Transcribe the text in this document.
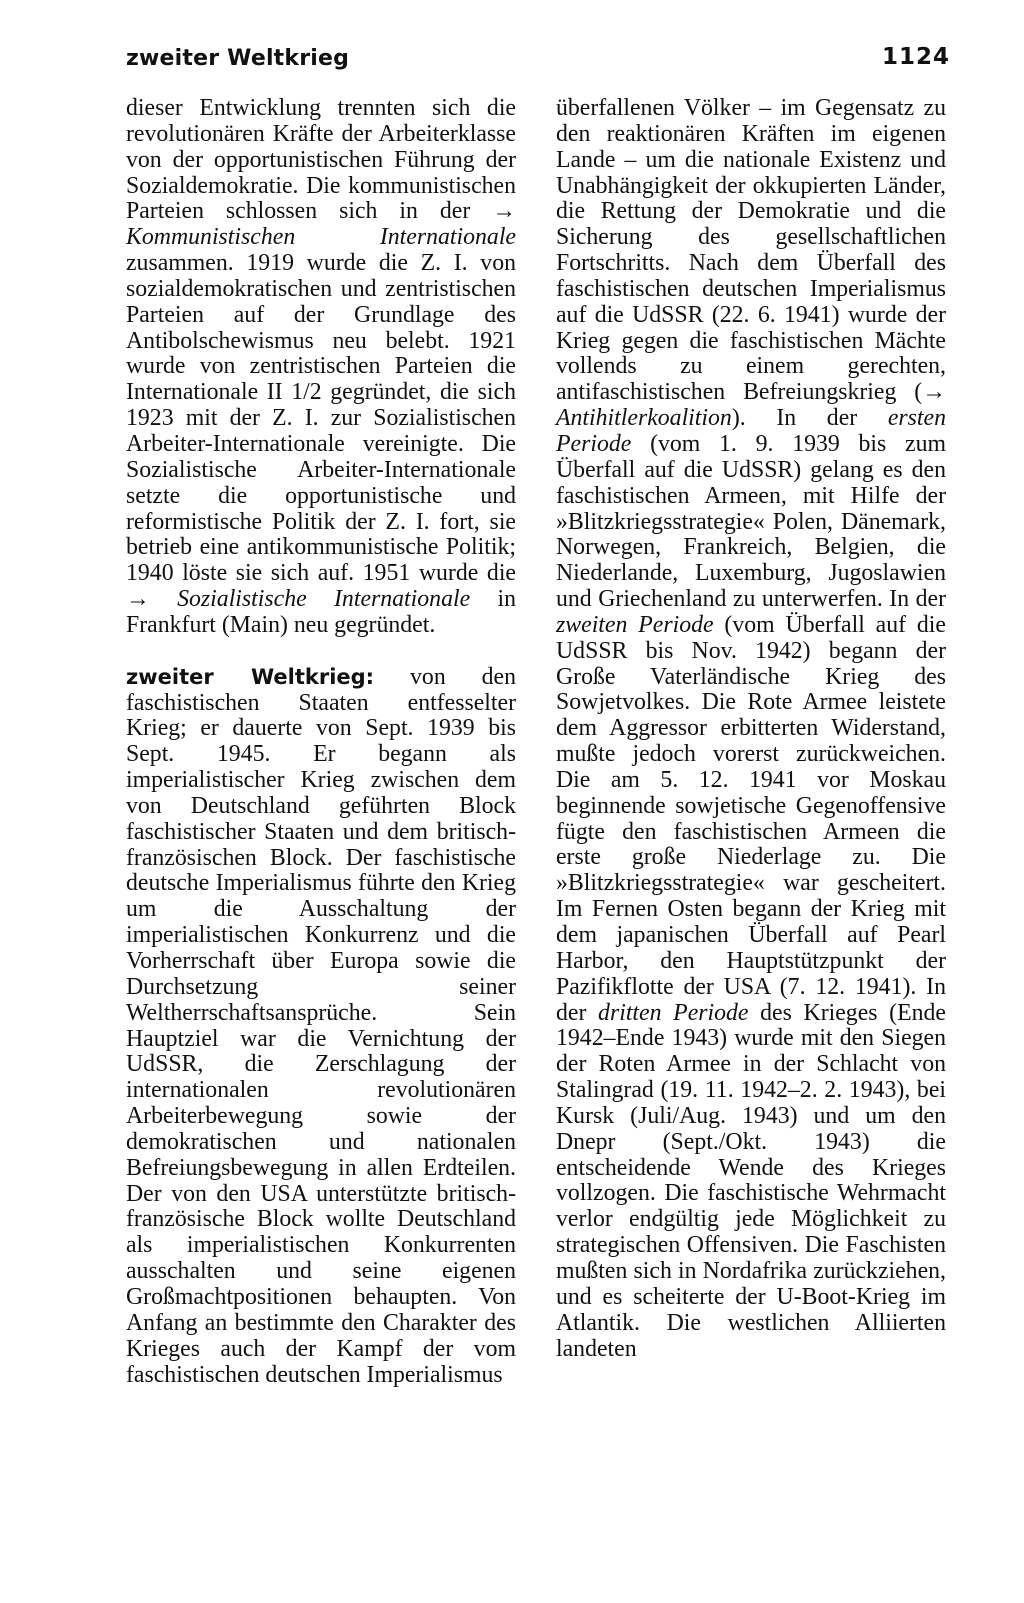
zweiter Weltkrieg	1124

dieser Entwicklung trennten sich die revolutionären Kräfte der Arbeiterklasse von der opportunistischen Führung der Sozialdemokratie. Die kommunistischen Parteien schlossen sich in der → Kommunistischen Internationale zusammen. 1919 wurde die Z. I. von sozialdemokratischen und zentristischen Parteien auf der Grundlage des Antibolschewismus neu belebt. 1921 wurde von zentristischen Parteien die Internationale II 1/2 gegründet, die sich 1923 mit der Z. I. zur Sozialistischen Arbeiter-Internationale vereinigte. Die Sozialistische Arbeiter-Internationale setzte die opportunistische und reformistische Politik der Z. I. fort, sie betrieb eine antikommunistische Politik; 1940 löste sie sich auf. 1951 wurde die → Sozialistische Internationale in Frankfurt (Main) neu gegründet.

zweiter Weltkrieg: von den faschistischen Staaten entfesselter Krieg; er dauerte von Sept. 1939 bis Sept. 1945. Er begann als imperialistischer Krieg zwischen dem von Deutschland geführten Block faschistischer Staaten und dem britisch-französischen Block. Der faschistische deutsche Imperialismus führte den Krieg um die Ausschaltung der imperialistischen Konkurrenz und die Vorherrschaft über Europa sowie die Durchsetzung seiner Weltherrschaftsansprüche. Sein Hauptziel war die Vernichtung der UdSSR, die Zerschlagung der internationalen revolutionären Arbeiterbewegung sowie der demokratischen und nationalen Befreiungsbewegung in allen Erdteilen. Der von den USA unterstützte britisch-französische Block wollte Deutschland als imperialistischen Konkurrenten ausschalten und seine eigenen Großmachtpositionen behaupten. Von Anfang an bestimmte den Charakter des Krieges auch der Kampf der vom faschistischen deutschen Imperialismus

überfallenen Völker – im Gegensatz zu den reaktionären Kräften im eigenen Lande – um die nationale Existenz und Unabhängigkeit der okkupierten Länder, die Rettung der Demokratie und die Sicherung des gesellschaftlichen Fortschritts. Nach dem Überfall des faschistischen deutschen Imperialismus auf die UdSSR (22. 6. 1941) wurde der Krieg gegen die faschistischen Mächte vollends zu einem gerechten, antifaschistischen Befreiungskrieg (→ Antihitlerkoalition). In der ersten Periode (vom 1. 9. 1939 bis zum Überfall auf die UdSSR) gelang es den faschistischen Armeen, mit Hilfe der »Blitzkriegsstrategie« Polen, Dänemark, Norwegen, Frankreich, Belgien, die Niederlande, Luxemburg, Jugoslawien und Griechenland zu unterwerfen. In der zweiten Periode (vom Überfall auf die UdSSR bis Nov. 1942) begann der Große Vaterländische Krieg des Sowjetvolkes. Die Rote Armee leistete dem Aggressor erbitterten Widerstand, mußte jedoch vorerst zurückweichen. Die am 5. 12. 1941 vor Moskau beginnende sowjetische Gegenoffensive fügte den faschistischen Armeen die erste große Niederlage zu. Die »Blitzkriegsstrategie« war gescheitert. Im Fernen Osten begann der Krieg mit dem japanischen Überfall auf Pearl Harbor, den Hauptstützpunkt der Pazifikflotte der USA (7. 12. 1941). In der dritten Periode des Krieges (Ende 1942–Ende 1943) wurde mit den Siegen der Roten Armee in der Schlacht von Stalingrad (19. 11. 1942–2. 2. 1943), bei Kursk (Juli/Aug. 1943) und um den Dnepr (Sept./Okt. 1943) die entscheidende Wende des Krieges vollzogen. Die faschistische Wehrmacht verlor endgültig jede Möglichkeit zu strategischen Offensiven. Die Faschisten mußten sich in Nordafrika zurückziehen, und es scheiterte der U-Boot-Krieg im Atlantik. Die westlichen Alliierten landeten
